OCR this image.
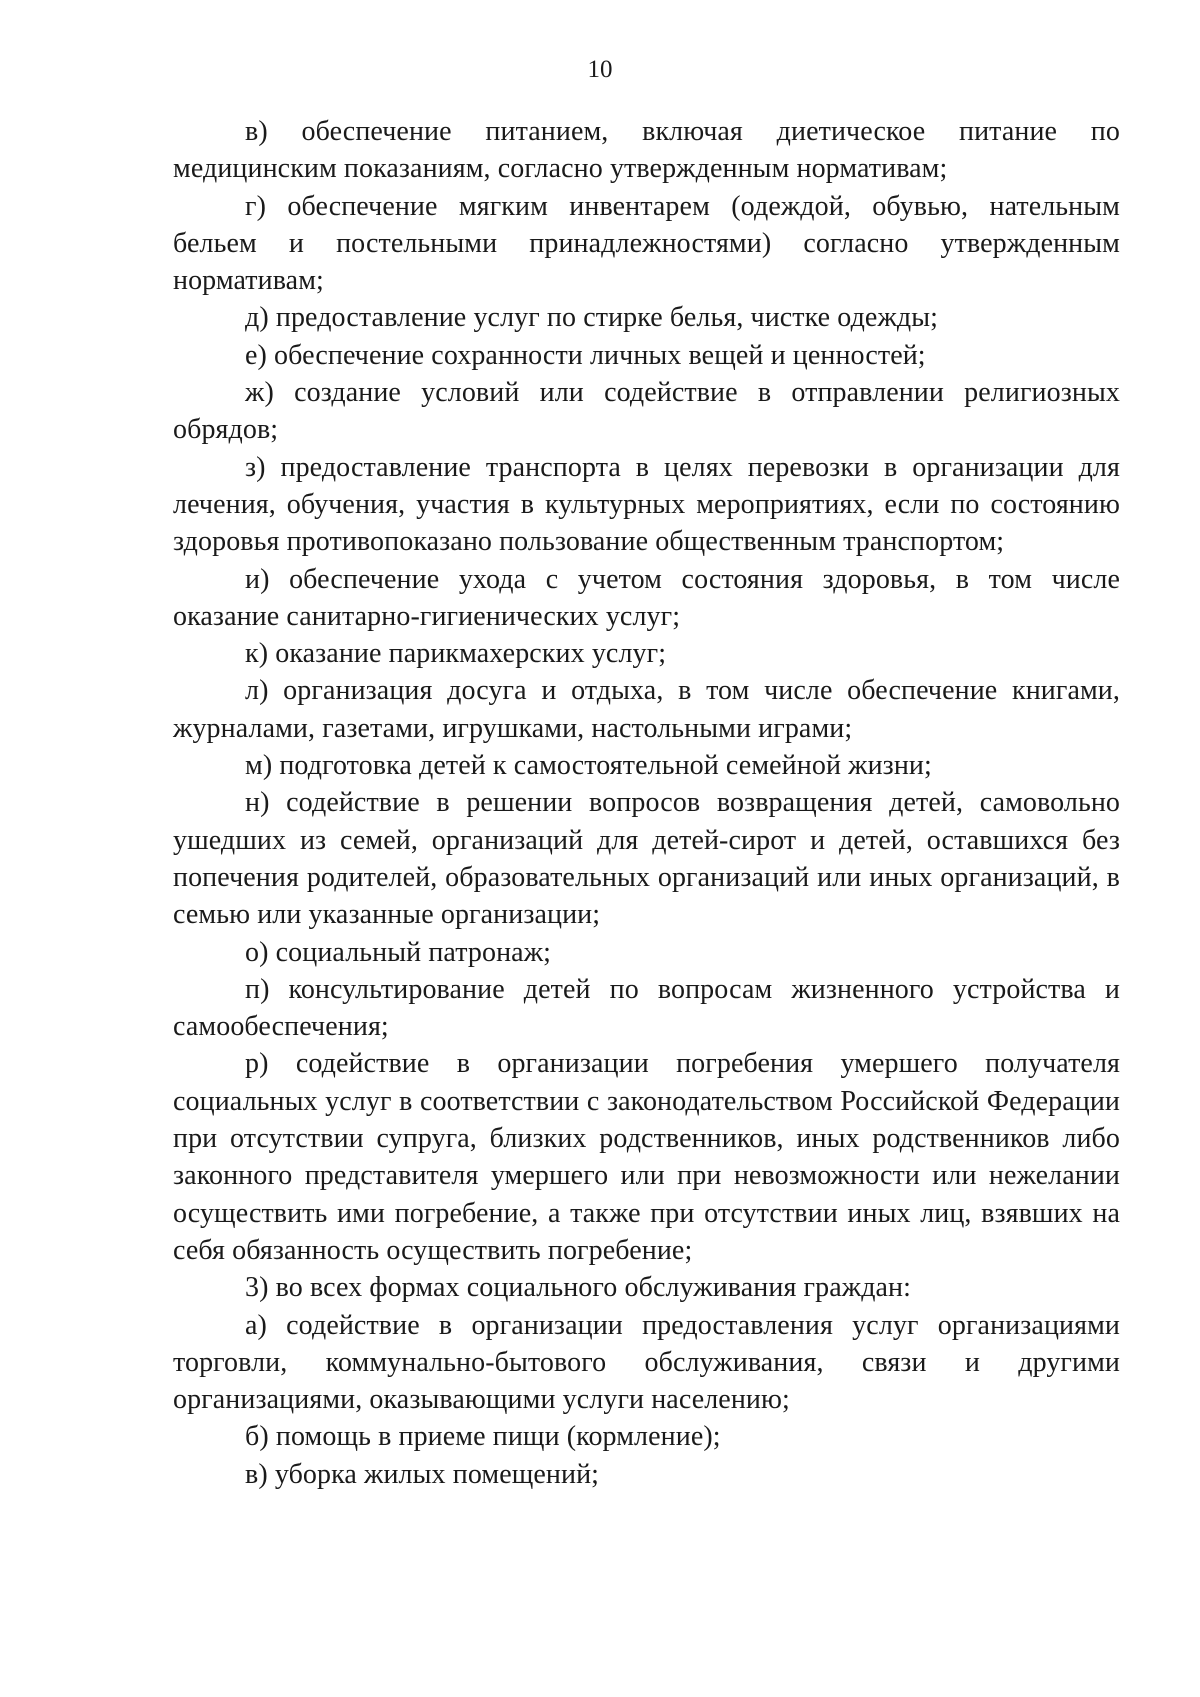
10

в) обеспечение питанием, включая диетическое питание по медицинским показаниям, согласно утвержденным нормативам;

г) обеспечение мягким инвентарем (одеждой, обувью, нательным бельем и постельными принадлежностями) согласно утвержденным нормативам;

д) предоставление услуг по стирке белья, чистке одежды;

е) обеспечение сохранности личных вещей и ценностей;

ж) создание условий или содействие в отправлении религиозных обрядов;

з) предоставление транспорта в целях перевозки в организации для лечения, обучения, участия в культурных мероприятиях, если по состоянию здоровья противопоказано пользование общественным транспортом;

и) обеспечение ухода с учетом состояния здоровья, в том числе оказание санитарно-гигиенических услуг;

к) оказание парикмахерских услуг;

л) организация досуга и отдыха, в том числе обеспечение книгами, журналами, газетами, игрушками, настольными играми;

м) подготовка детей к самостоятельной семейной жизни;

н) содействие в решении вопросов возвращения детей, самовольно ушедших из семей, организаций для детей-сирот и детей, оставшихся без попечения родителей, образовательных организаций или иных организаций, в семью или указанные организации;

о) социальный патронаж;

п) консультирование детей по вопросам жизненного устройства и самообеспечения;

р) содействие в организации погребения умершего получателя социальных услуг в соответствии с законодательством Российской Федерации при отсутствии супруга, близких родственников, иных родственников либо законного представителя умершего или при невозможности или нежелании осуществить ими погребение, а также при отсутствии иных лиц, взявших на себя обязанность осуществить погребение;

3) во всех формах социального обслуживания граждан:

а) содействие в организации предоставления услуг организациями торговли, коммунально-бытового обслуживания, связи и другими организациями, оказывающими услуги населению;

б) помощь в приеме пищи (кормление);

в) уборка жилых помещений;
